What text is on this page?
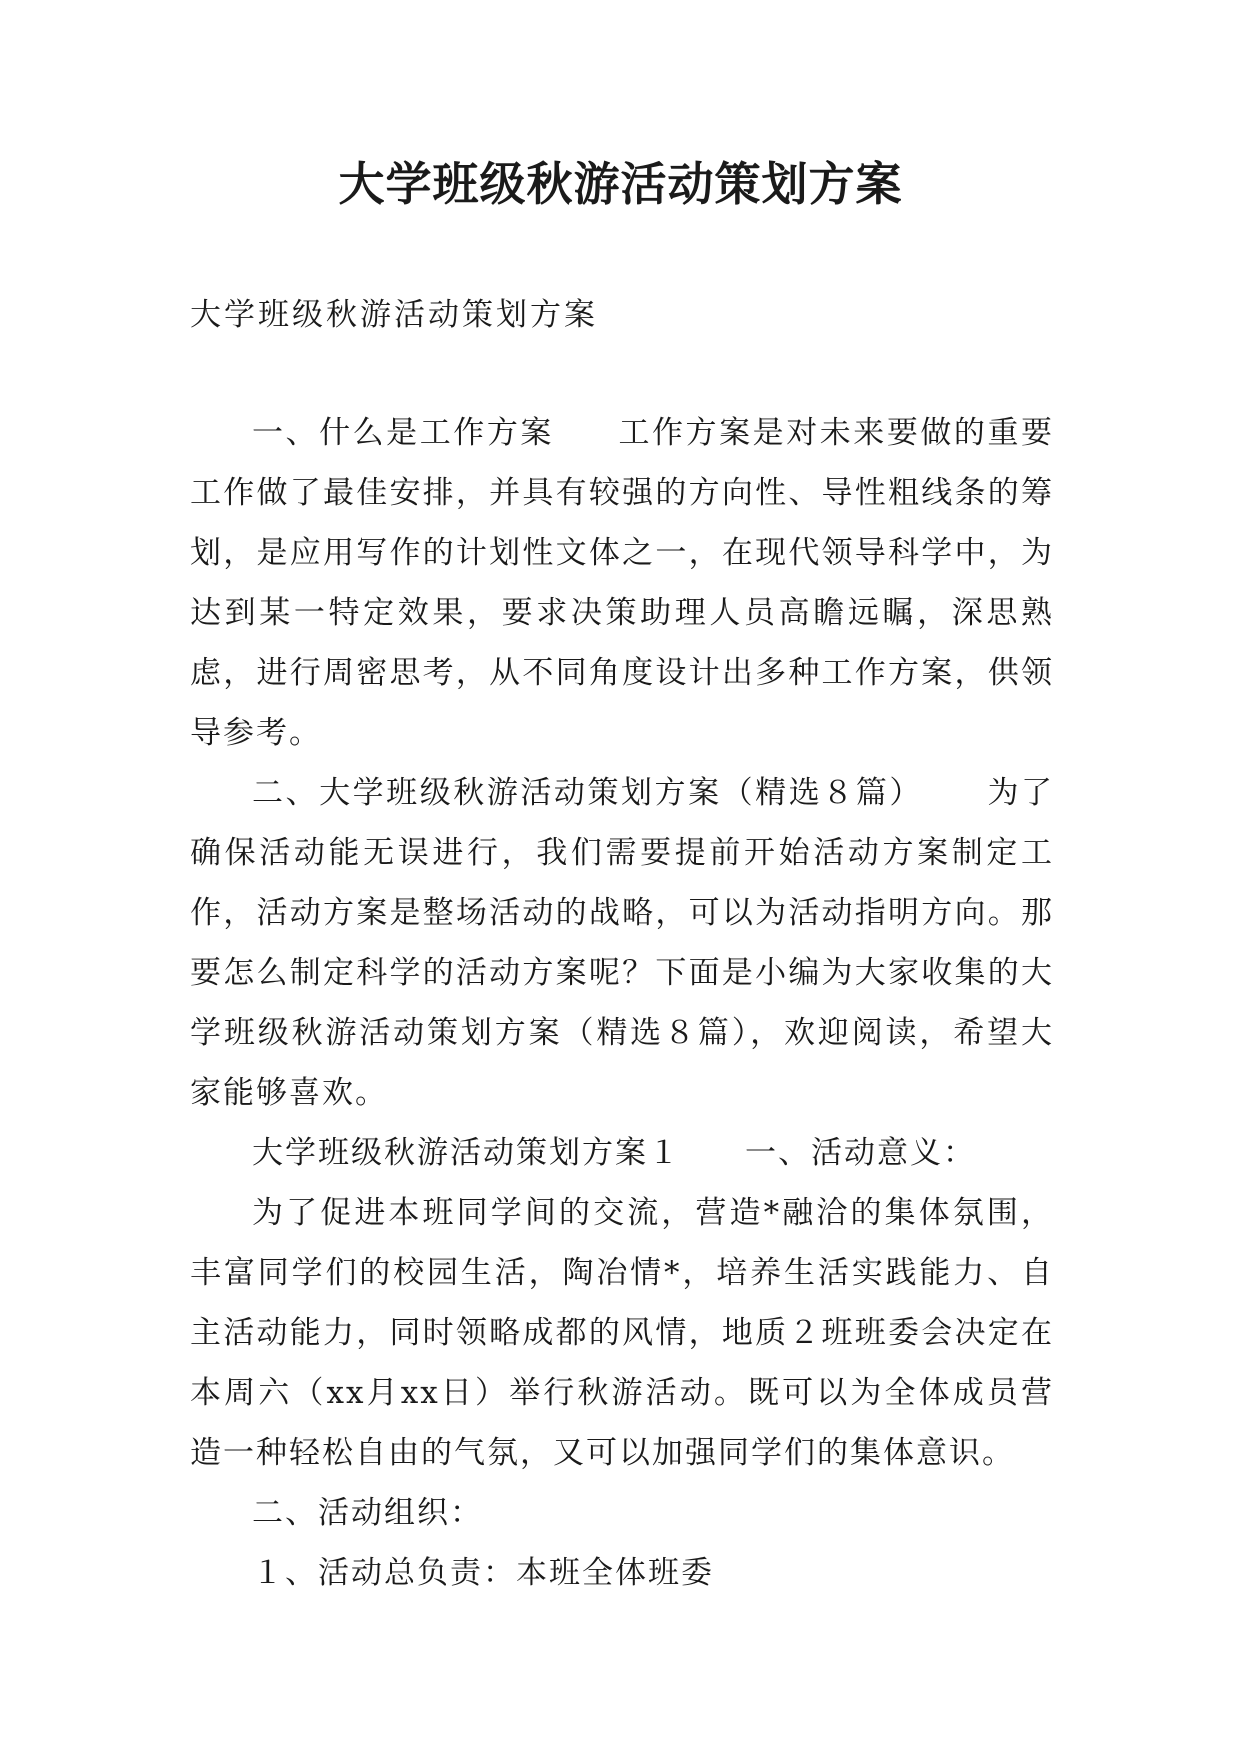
大学班级秋游活动策划方案
大学班级秋游活动策划方案

一、什么是工作方案 工作方案是对未来要做的重要工作做了最佳安排，并具有较强的方向性、导性粗线条的筹划，是应用写作的计划性文体之一，在现代领导科学中，为达到某一特定效果，要求决策助理人员高瞻远瞩，深思熟虑，进行周密思考，从不同角度设计出多种工作方案，供领导参考。

二、大学班级秋游活动策划方案（精选８篇） 为了确保活动能无误进行，我们需要提前开始活动方案制定工作，活动方案是整场活动的战略，可以为活动指明方向。那要怎么制定科学的活动方案呢？下面是小编为大家收集的大学班级秋游活动策划方案（精选８篇），欢迎阅读，希望大家能够喜欢。

大学班级秋游活动策划方案１ 一、活动意义：

为了促进本班同学间的交流，营造*融洽的集体氛围，丰富同学们的校园生活，陶冶情*，培养生活实践能力、自主活动能力，同时领略成都的风情，地质２班班委会决定在本周六（xx月xx日）举行秋游活动。既可以为全体成员营造一种轻松自由的气氛，又可以加强同学们的集体意识。

二、活动组织：

１、活动总负责：本班全体班委
